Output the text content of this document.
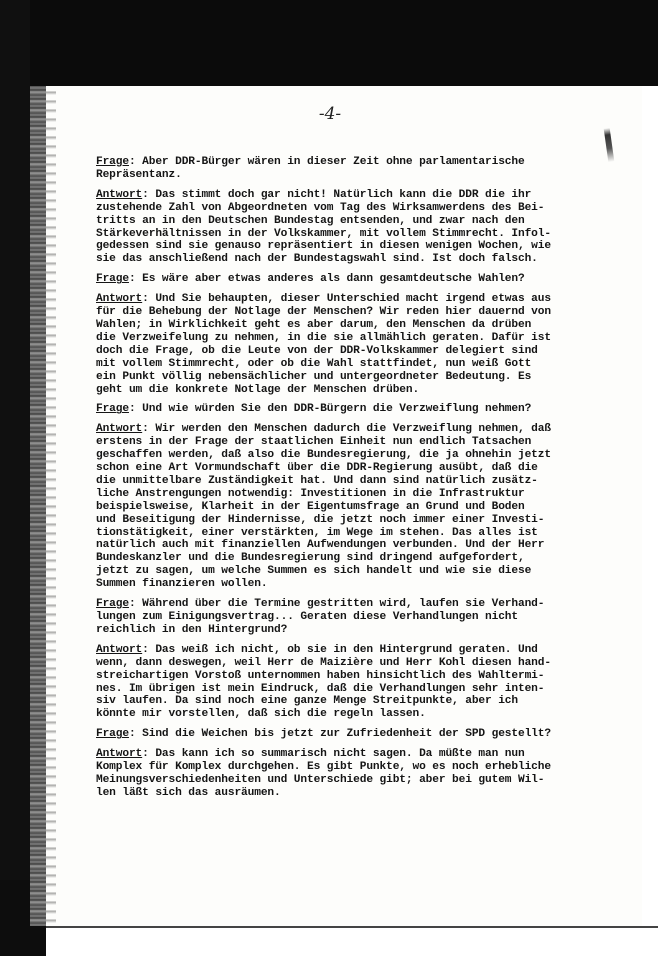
-4-
Frage: Aber DDR-Bürger wären in dieser Zeit ohne parlamentarische
Repräsentanz.
Antwort: Das stimmt doch gar nicht! Natürlich kann die DDR die ihr
zustehende Zahl von Abgeordneten vom Tag des Wirksamwerdens des Bei-
tritts an in den Deutschen Bundestag entsenden, und zwar nach den
Stärkeverhältnissen in der Volkskammer, mit vollem Stimmrecht. Infol-
gedessen sind sie genauso repräsentiert in diesen wenigen Wochen, wie
sie das anschließend nach der Bundestagswahl sind. Ist doch falsch.
Frage: Es wäre aber etwas anderes als dann gesamtdeutsche Wahlen?
Antwort: Und Sie behaupten, dieser Unterschied macht irgend etwas aus
für die Behebung der Notlage der Menschen? Wir reden hier dauernd von
Wahlen; in Wirklichkeit geht es aber darum, den Menschen da drüben
die Verzweifelung zu nehmen, in die sie allmählich geraten. Dafür ist
doch die Frage, ob die Leute von der DDR-Volkskammer delegiert sind
mit vollem Stimmrecht, oder ob die Wahl stattfindet, nun weiß Gott
ein Punkt völlig nebensächlicher und untergeordneter Bedeutung. Es
geht um die konkrete Notlage der Menschen drüben.
Frage: Und wie würden Sie den DDR-Bürgern die Verzweiflung nehmen?
Antwort: Wir werden den Menschen dadurch die Verzweiflung nehmen, daß
erstens in der Frage der staatlichen Einheit nun endlich Tatsachen
geschaffen werden, daß also die Bundesregierung, die ja ohnehin jetzt
schon eine Art Vormundschaft über die DDR-Regierung ausübt, daß die
die unmittelbare Zuständigkeit hat. Und dann sind natürlich zusätz-
liche Anstrengungen notwendig: Investitionen in die Infrastruktur
beispielsweise, Klarheit in der Eigentumsfrage an Grund und Boden
und Beseitigung der Hindernisse, die jetzt noch immer einer Investi-
tionstätigkeit, einer verstärkten, im Wege im stehen. Das alles ist
natürlich auch mit finanziellen Aufwendungen verbunden. Und der Herr
Bundeskanzler und die Bundesregierung sind dringend aufgefordert,
jetzt zu sagen, um welche Summen es sich handelt und wie sie diese
Summen finanzieren wollen.
Frage: Während über die Termine gestritten wird, laufen sie Verhand-
lungen zum Einigungsvertrag... Geraten diese Verhandlungen nicht
reichlich in den Hintergrund?
Antwort: Das weiß ich nicht, ob sie in den Hintergrund geraten. Und
wenn, dann deswegen, weil Herr de Maizière und Herr Kohl diesen hand-
streichartigen Vorstoß unternommen haben hinsichtlich des Wahltermi-
nes. Im übrigen ist mein Eindruck, daß die Verhandlungen sehr inten-
siv laufen. Da sind noch eine ganze Menge Streitpunkte, aber ich
könnte mir vorstellen, daß sich die regeln lassen.
Frage: Sind die Weichen bis jetzt zur Zufriedenheit der SPD gestellt?
Antwort: Das kann ich so summarisch nicht sagen. Da müßte man nun
Komplex für Komplex durchgehen. Es gibt Punkte, wo es noch erhebliche
Meinungsverschiedenheiten und Unterschiede gibt; aber bei gutem Wil-
len läßt sich das ausräumen.
